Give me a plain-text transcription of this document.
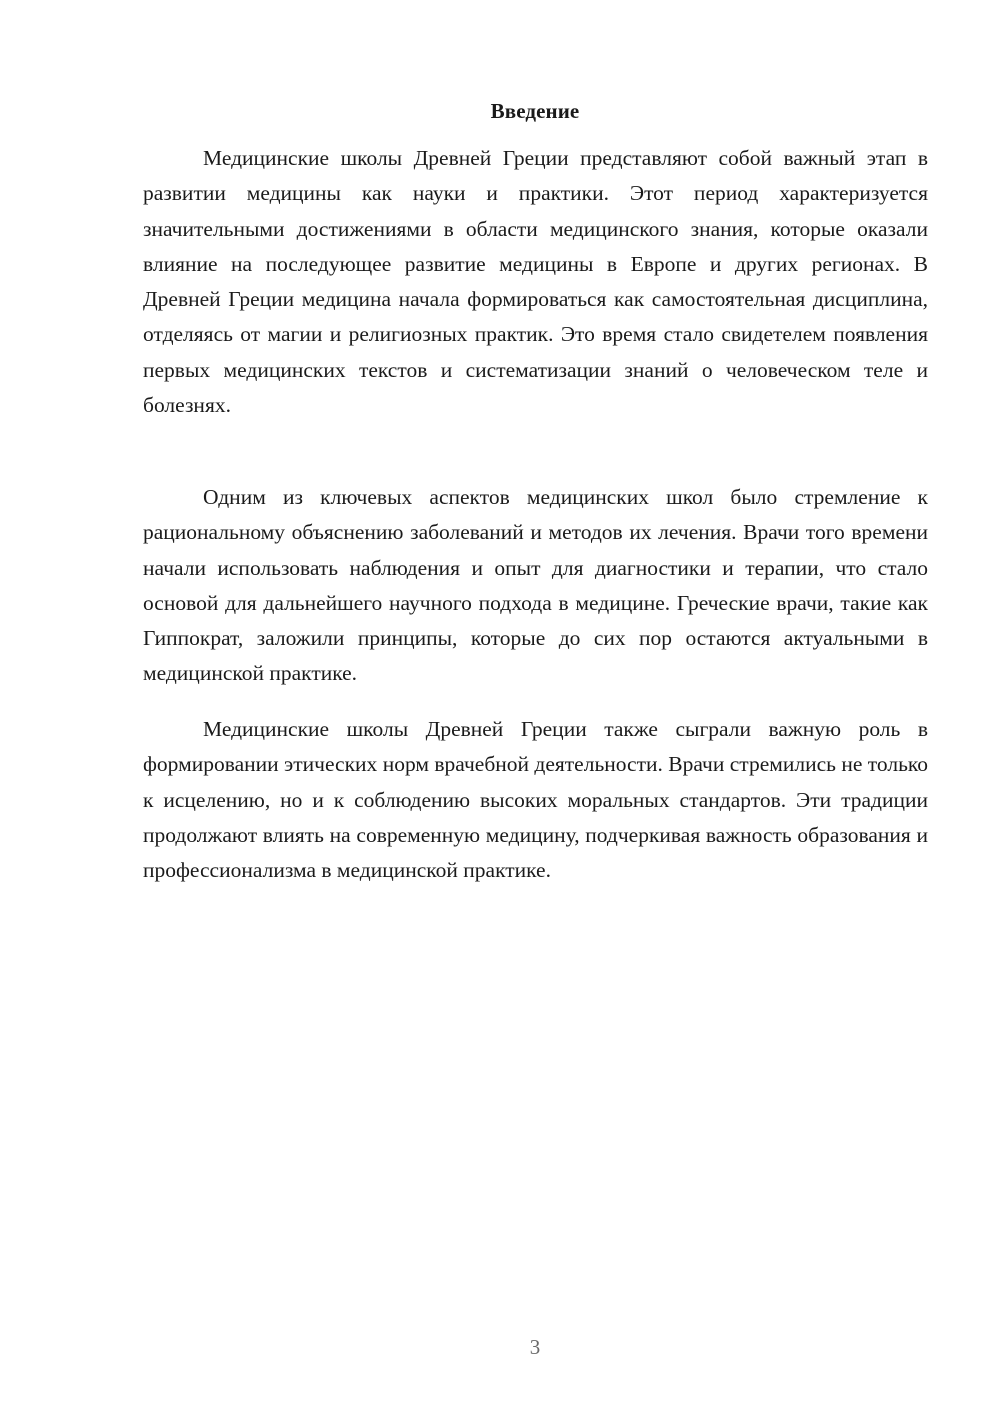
Введение

Медицинские школы Древней Греции представляют собой важный этап в развитии медицины как науки и практики. Этот период характеризуется значительными достижениями в области медицинского знания, которые оказали влияние на последующее развитие медицины в Европе и других регионах. В Древней Греции медицина начала формироваться как самостоятельная дисциплина, отделяясь от магии и религиозных практик. Это время стало свидетелем появления первых медицинских текстов и систематизации знаний о человеческом теле и болезнях.

Одним из ключевых аспектов медицинских школ было стремление к рациональному объяснению заболеваний и методов их лечения. Врачи того времени начали использовать наблюдения и опыт для диагностики и терапии, что стало основой для дальнейшего научного подхода в медицине. Греческие врачи, такие как Гиппократ, заложили принципы, которые до сих пор остаются актуальными в медицинской практике.

Медицинские школы Древней Греции также сыграли важную роль в формировании этических норм врачебной деятельности. Врачи стремились не только к исцелению, но и к соблюдению высоких моральных стандартов. Эти традиции продолжают влиять на современную медицину, подчеркивая важность образования и профессионализма в медицинской практике.

3
